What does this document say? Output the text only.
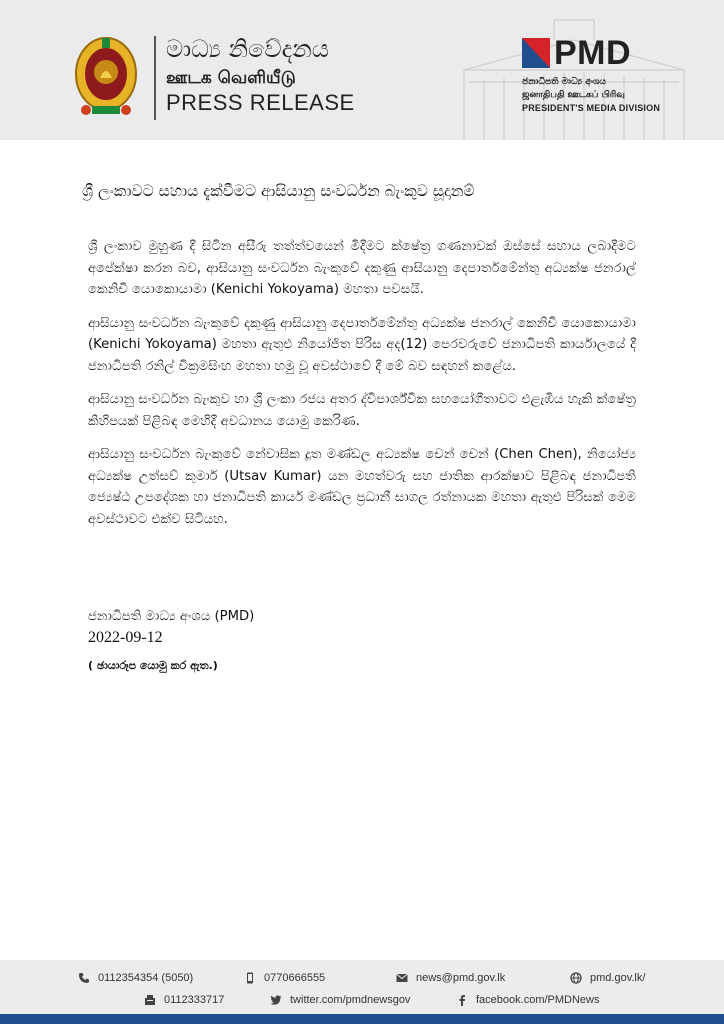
මාධ්‍ය නිවේදනය
ஊடக வெளியீடு
PRESS RELEASE
PMD
ජනාධිපති මාධ්‍ය අංශය
ஜனாதிபதி ஊடகப் பிரிவு
PRESIDENT'S MEDIA DIVISION
ශ්‍රී ලංකාවට සහාය දැක්වීමට ආසියානු සංවර්ධන බැංකුව සූදානම්

ශ්‍රී ලංකාව මුහුණ දී සිටින අසීරු තත්ත්වයෙන් මිදීමට ක්ෂේත්‍ර ගණනාවක් ඔස්සේ සහාය ලබාදීමට අපේක්ෂා කරන බව, ආසියානු සංවර්ධන බැංකුවේ දකුණු ආසියානු දෙපාර්තමේන්තු අධ්‍යක්ෂ ජනරාල් කෙනිචි යොකොයාමා (Kenichi Yokoyama) මහතා පවසයි.

ආසියානු සංවර්ධන බැංකුවේ දකුණු ආසියානු දෙපාර්තමේන්තු අධ්‍යක්ෂ ජනරාල් කෙනිචි යොකොයාමා (Kenichi Yokoyama) මහතා ඇතුළු නියෝජිත පිරිස අද(12) පෙරවරුවේ ජනාධිපති කාර්යාලයේ දී ජනාධිපති රනිල් වික්‍රමසිංහ මහතා හමු වූ අවස්ථාවේ දී මේ බව සඳහන් කළේය.

ආසියානු සංවර්ධන බැංකුව හා ශ්‍රී ලංකා රජය අතර ද්විපාර්ශ්වික සහයෝගීතාවට එළැඹිය හැකි ක්ෂේත්‍ර කිහිපයක් පිළිබඳ මෙහිදී අවධානය යොමු කෙරිණ.

ආසියානු සංවර්ධන බැංකුවේ නේවාසික දූත මණ්ඩල අධ්‍යක්ෂ චෙන් චෙන් (Chen Chen), නියෝජ්‍ය අධ්‍යක්ෂ උත්සව් කුමාර් (Utsav Kumar) යන මහත්වරු සහ ජාතික ආරක්ෂාව පිළිබඳ ජනාධිපති ජ්‍යෙෂ්ඨ උපදේශක හා ජනාධිපති කාර්ය මණ්ඩල ප්‍රධානී සාගල රත්නායක මහතා ඇතුළු පිරිසක් මෙම අවස්ථාවට එක්ව සිටියහ.

ජනාධිපති මාධ්‍ය අංශය (PMD)
2022-09-12
( ඡායාරූප යොමු කර ඇත.)
0112354354 (5050)	0770666555	news@pmd.gov.lk	pmd.gov.lk/
0112333717	twitter.com/pmdnewsgov	facebook.com/PMDNews
